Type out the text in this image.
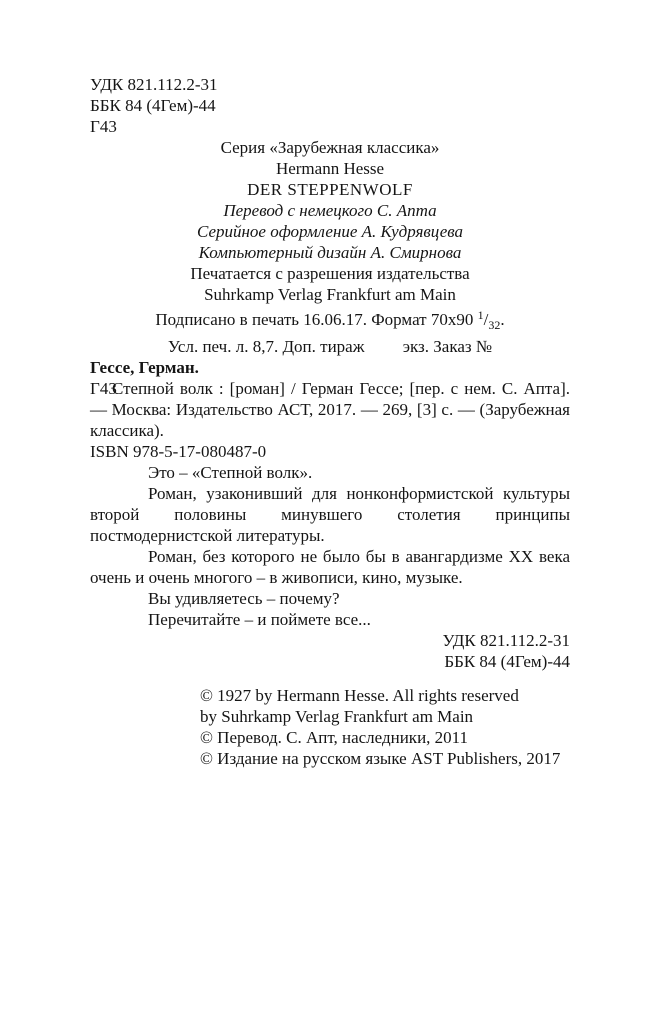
УДК 821.112.2-31
ББК 84 (4Гем)-44
Г43
Серия «Зарубежная классика»
Hermann Hesse
DER STEPPENWOLF
Перевод с немецкого С. Апта
Серийное оформление А. Кудрявцева
Компьютерный дизайн А. Смирнова
Печатается с разрешения издательства
Suhrkamp Verlag Frankfurt am Main
Подписано в печать 16.06.17. Формат 70х90 $^1/_{32}$.
Усл. печ. л. 8,7. Доп. тираж         экз. Заказ №

Гессе, Герман.

Г43

Степной волк : [роман] / Герман Гессе; [пер. с нем. С. Апта]. — Москва: Издательство АСТ, 2017. — 269, [3] с. — (Зарубежная классика).

ISBN 978-5-17-080487-0

Это – «Степной волк».

Роман, узаконивший для нонконформистской культуры второй половины минувшего столетия принципы постмодернистской литературы.

Роман, без которого не было бы в авангардизме XX века очень и очень многого – в живописи, кино, музыке.

Вы удивляетесь – почему?

Перечитайте – и поймете все...

УДК 821.112.2-31
ББК 84 (4Гем)-44
© 1927 by Hermann Hesse. All rights reserved
by Suhrkamp Verlag Frankfurt am Main
© Перевод. С. Апт, наследники, 2011
© Издание на русском языке AST Publishers, 2017
